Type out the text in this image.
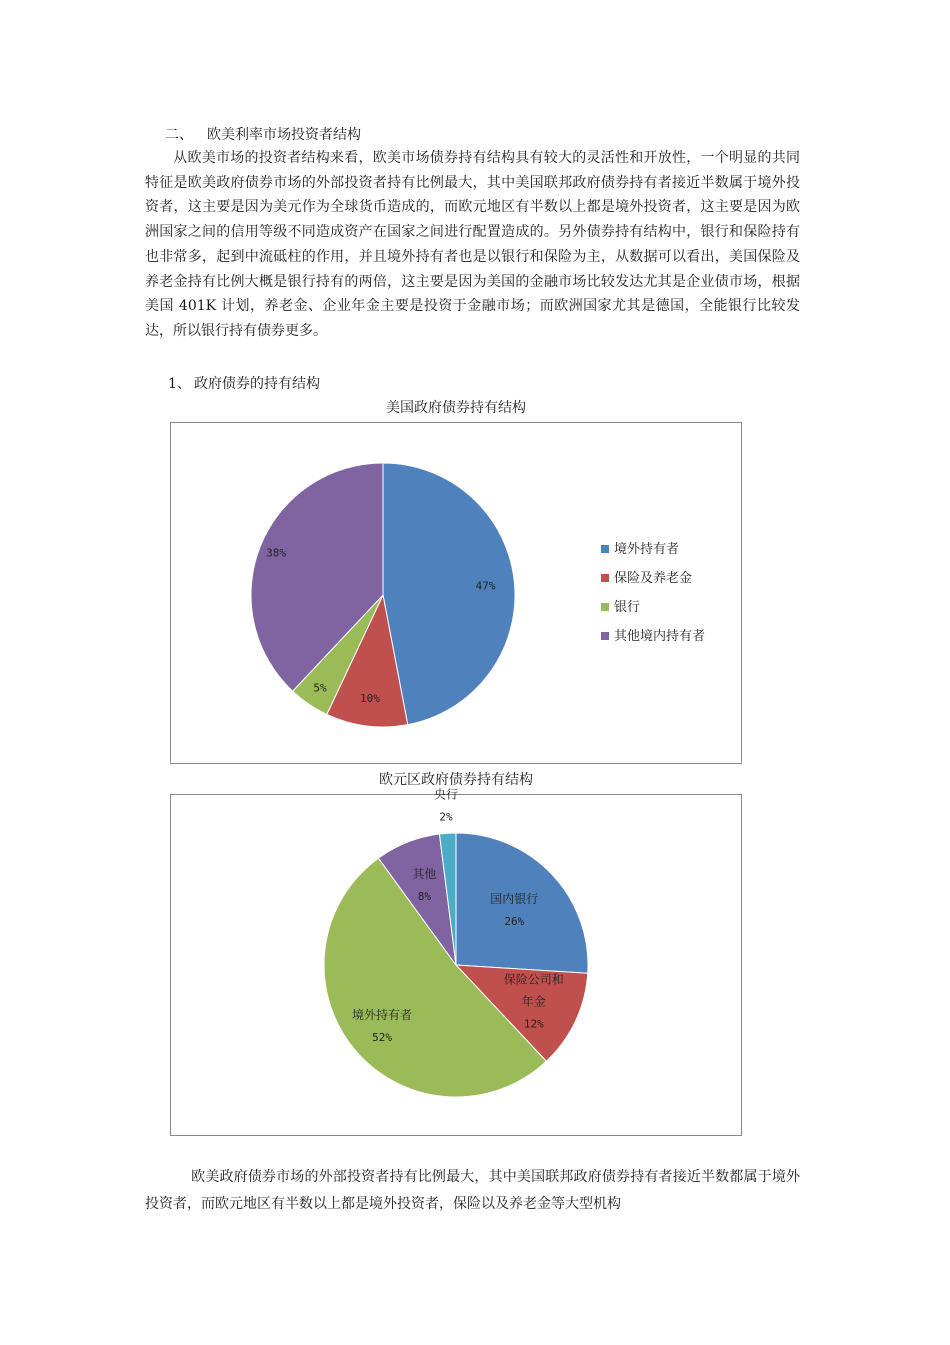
二、 欧美利率市场投资者结构

从欧美市场的投资者结构来看，欧美市场债券持有结构具有较大的灵活性和开放性，一个明显的共同特征是欧美政府债券市场的外部投资者持有比例最大，其中美国联邦政府债券持有者接近半数属于境外投资者，这主要是因为美元作为全球货币造成的，而欧元地区有半数以上都是境外投资者，这主要是因为欧洲国家之间的信用等级不同造成资产在国家之间进行配置造成的。另外债券持有结构中，银行和保险持有也非常多，起到中流砥柱的作用，并且境外持有者也是以银行和保险为主，从数据可以看出，美国保险及养老金持有比例大概是银行持有的两倍，这主要是因为美国的金融市场比较发达尤其是企业债市场，根据美国 401K 计划，养老金、企业年金主要是投资于金融市场；而欧洲国家尤其是德国，全能银行比较发达，所以银行持有债券更多。

1、 政府债券的持有结构

美国政府债券持有结构

47%
10%
5%
38%	境外持有者
保险及养老金
银行
其他境内持有者

欧元区政府债券持有结构

国内银行
26%
保险公司和
年金
12%
境外持有者
52%
其他
8%
央行
2%

欧美政府债券市场的外部投资者持有比例最大，其中美国联邦政府债券持有者接近半数都属于境外投资者，而欧元地区有半数以上都是境外投资者，保险以及养老金等大型机构
